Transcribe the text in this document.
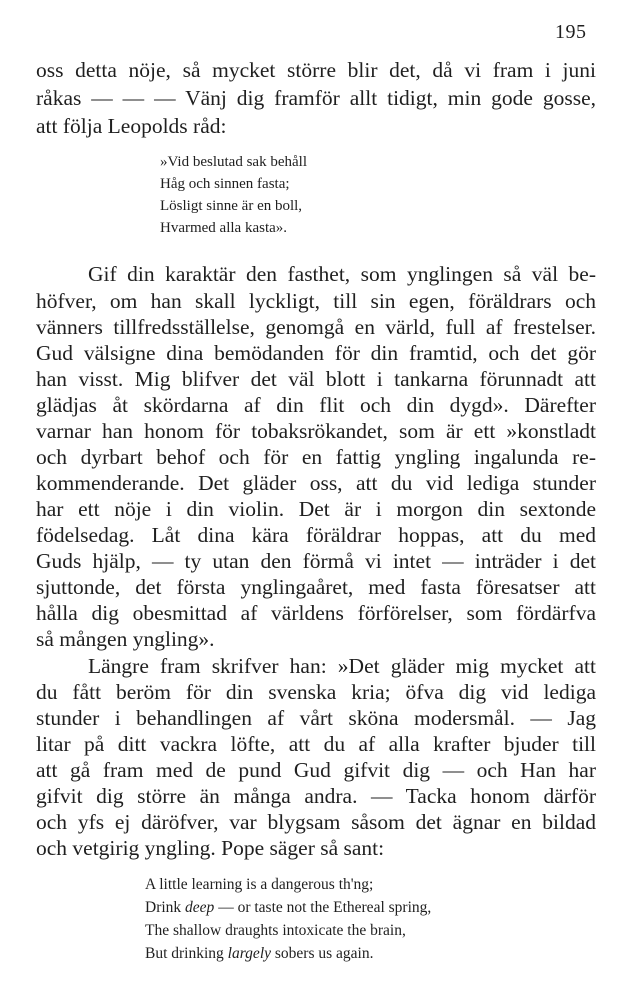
195
oss detta nöje, så mycket större blir det, då vi fram i juni
råkas — — — Vänj dig framför allt tidigt, min gode gosse,
att följa Leopolds råd:
»Vid beslutad sak behåll
Håg och sinnen fasta;
Lösligt sinne är en boll,
Hvarmed alla kasta».
Gif din karaktär den fasthet, som ynglingen så väl be-
höfver, om han skall lyckligt, till sin egen, föräldrars och
vänners tillfredsställelse, genomgå en värld, full af frestelser.
Gud välsigne dina bemödanden för din framtid, och det gör
han visst. Mig blifver det väl blott i tankarna förunnadt att
glädjas åt skördarna af din flit och din dygd». Därefter
varnar han honom för tobaksrökandet, som är ett »konstladt
och dyrbart behof och för en fattig yngling ingalunda re-
kommenderande. Det gläder oss, att du vid lediga stunder
har ett nöje i din violin. Det är i morgon din sextonde
födelsedag. Låt dina kära föräldrar hoppas, att du med
Guds hjälp, — ty utan den förmå vi intet — inträder i det
sjuttonde, det första ynglingaåret, med fasta föresatser att
hålla dig obesmittad af världens förförelser, som fördärfva
så mången yngling».
Längre fram skrifver han: »Det gläder mig mycket att
du fått beröm för din svenska kria; öfva dig vid lediga
stunder i behandlingen af vårt sköna modersmål. — Jag
litar på ditt vackra löfte, att du af alla krafter bjuder till
att gå fram med de pund Gud gifvit dig — och Han har
gifvit dig större än många andra. — Tacka honom därför
och yfs ej däröfver, var blygsam såsom det ägnar en bildad
och vetgirig yngling. Pope säger så sant:
A little learning is a dangerous th'ng;
Drink deep — or taste not the Ethereal spring,
The shallow draughts intoxicate the brain,
But drinking largely sobers us again.
